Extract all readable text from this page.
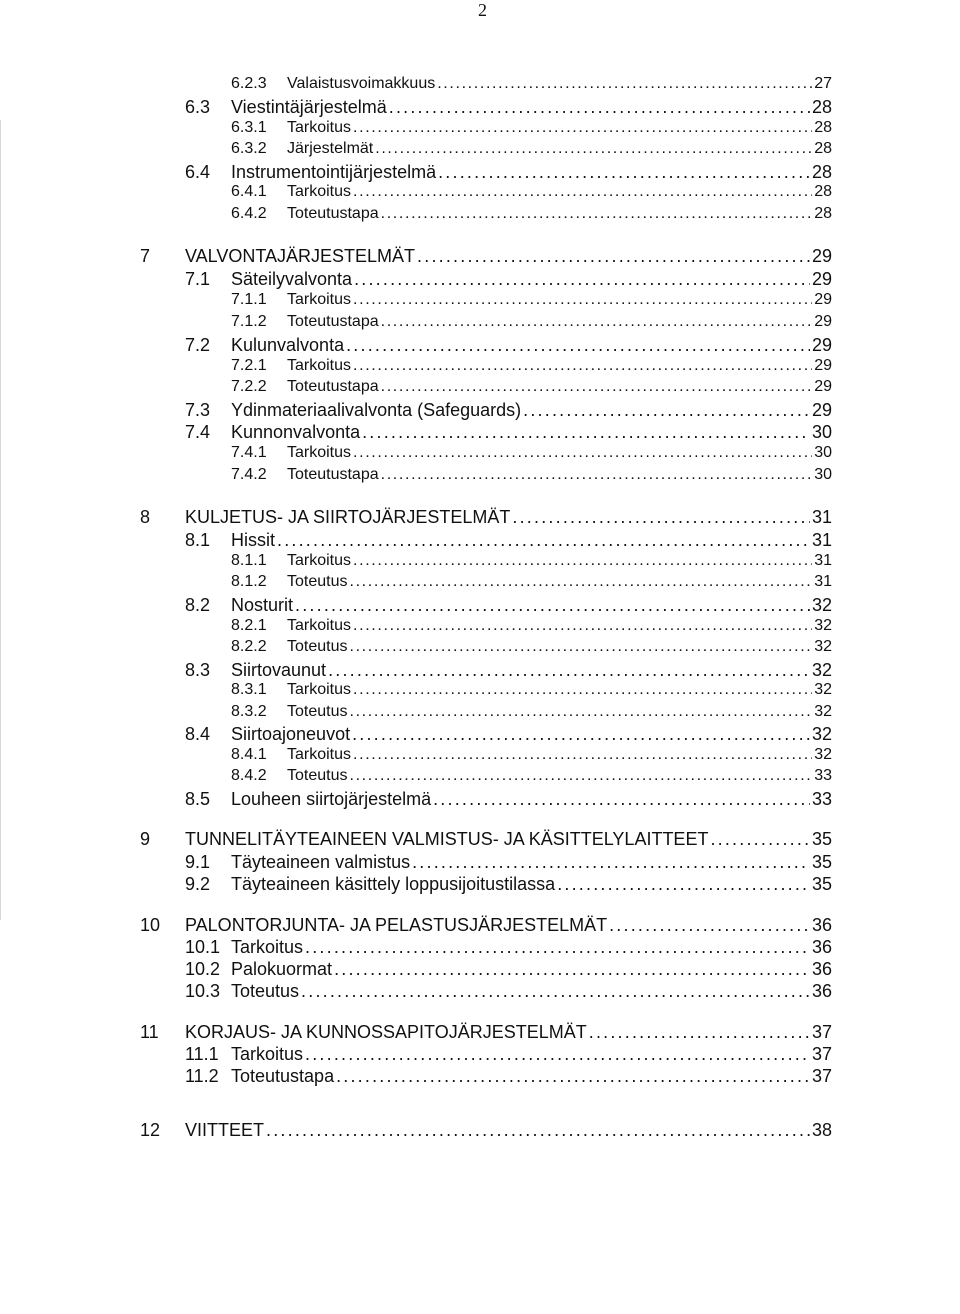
2
6.2.3	Valaistusvoimakkuus . . .	27
6.3	Viestintäjärjestelmä . . .	28
6.3.1	Tarkoitus . . .	28
6.3.2	Järjestelmät . . .	28
6.4	Instrumentointijärjestelmä . . .	28
6.4.1	Tarkoitus . . .	28
6.4.2	Toteutustapa . . .	28
7	VALVONTAJÄRJESTELMÄT . . .	29
7.1	Säteilyvalvonta . . .	29
7.1.1	Tarkoitus . . .	29
7.1.2	Toteutustapa . . .	29
7.2	Kulunvalvonta . . .	29
7.2.1	Tarkoitus . . .	29
7.2.2	Toteutustapa . . .	29
7.3	Ydinmateriaalivalvonta (Safeguards) . . .	29
7.4	Kunnonvalvonta . . .	30
7.4.1	Tarkoitus . . .	30
7.4.2	Toteutustapa . . .	30
8	KULJETUS- JA SIIRTOJÄRJESTELMÄT . . .	31
8.1	Hissit . . .	31
8.1.1	Tarkoitus . . .	31
8.1.2	Toteutus . . .	31
8.2	Nosturit . . .	32
8.2.1	Tarkoitus . . .	32
8.2.2	Toteutus . . .	32
8.3	Siirtovaunut . . .	32
8.3.1	Tarkoitus . . .	32
8.3.2	Toteutus . . .	32
8.4	Siirtoajoneuvot . . .	32
8.4.1	Tarkoitus . . .	32
8.4.2	Toteutus . . .	33
8.5	Louheen siirtojärjestelmä . . .	33
9	TUNNELITÄYTEAINEEN VALMISTUS- JA KÄSITTELYLAITTEET . . .	35
9.1	Täyteaineen valmistus . . .	35
9.2	Täyteaineen käsittely loppusijoitustilassa . . .	35
10	PALONTORJUNTA- JA PELASTUSJÄRJESTELMÄT . . .	36
10.1 Tarkoitus . . .	36
10.2 Palokuormat . . .	36
10.3 Toteutus . . .	36
11	KORJAUS- JA KUNNOSSAPITOJÄRJESTELMÄT . . .	37
11.1 Tarkoitus . . .	37
11.2 Toteutustapa . . .	37
12	VIITTEET . . .	38
